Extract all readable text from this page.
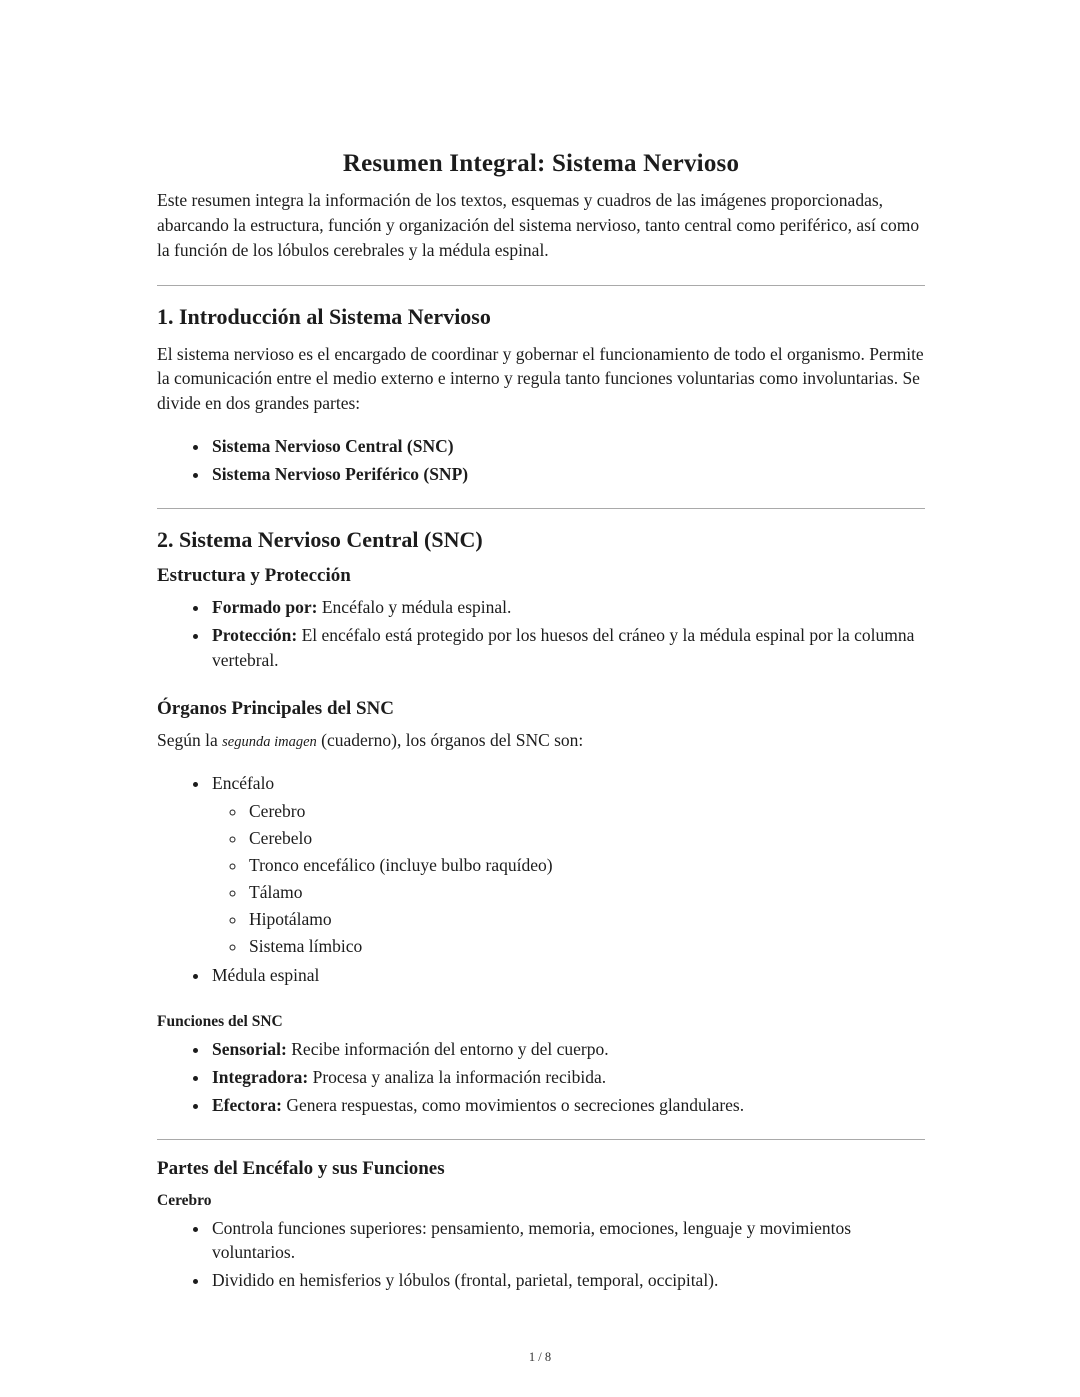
Resumen Integral: Sistema Nervioso

Este resumen integra la información de los textos, esquemas y cuadros de las imágenes proporcionadas, abarcando la estructura, función y organización del sistema nervioso, tanto central como periférico, así como la función de los lóbulos cerebrales y la médula espinal.

1. Introducción al Sistema Nervioso

El sistema nervioso es el encargado de coordinar y gobernar el funcionamiento de todo el organismo. Permite la comunicación entre el medio externo e interno y regula tanto funciones voluntarias como involuntarias. Se divide en dos grandes partes:

• Sistema Nervioso Central (SNC)
• Sistema Nervioso Periférico (SNP)
2. Sistema Nervioso Central (SNC)
Estructura y Protección
• Formado por: Encéfalo y médula espinal.
• Protección: El encéfalo está protegido por los huesos del cráneo y la médula espinal por la columna vertebral.
Órganos Principales del SNC

Según la segunda imagen (cuaderno), los órganos del SNC son:

• Encéfalo
◦ Cerebro
◦ Cerebelo
◦ Tronco encefálico (incluye bulbo raquídeo)
◦ Tálamo
◦ Hipotálamo
◦ Sistema límbico
• Médula espinal
Funciones del SNC
• Sensorial: Recibe información del entorno y del cuerpo.
• Integradora: Procesa y analiza la información recibida.
• Efectora: Genera respuestas, como movimientos o secreciones glandulares.
Partes del Encéfalo y sus Funciones
Cerebro
• Controla funciones superiores: pensamiento, memoria, emociones, lenguaje y movimientos voluntarios.
• Dividido en hemisferios y lóbulos (frontal, parietal, temporal, occipital).
1 / 8
